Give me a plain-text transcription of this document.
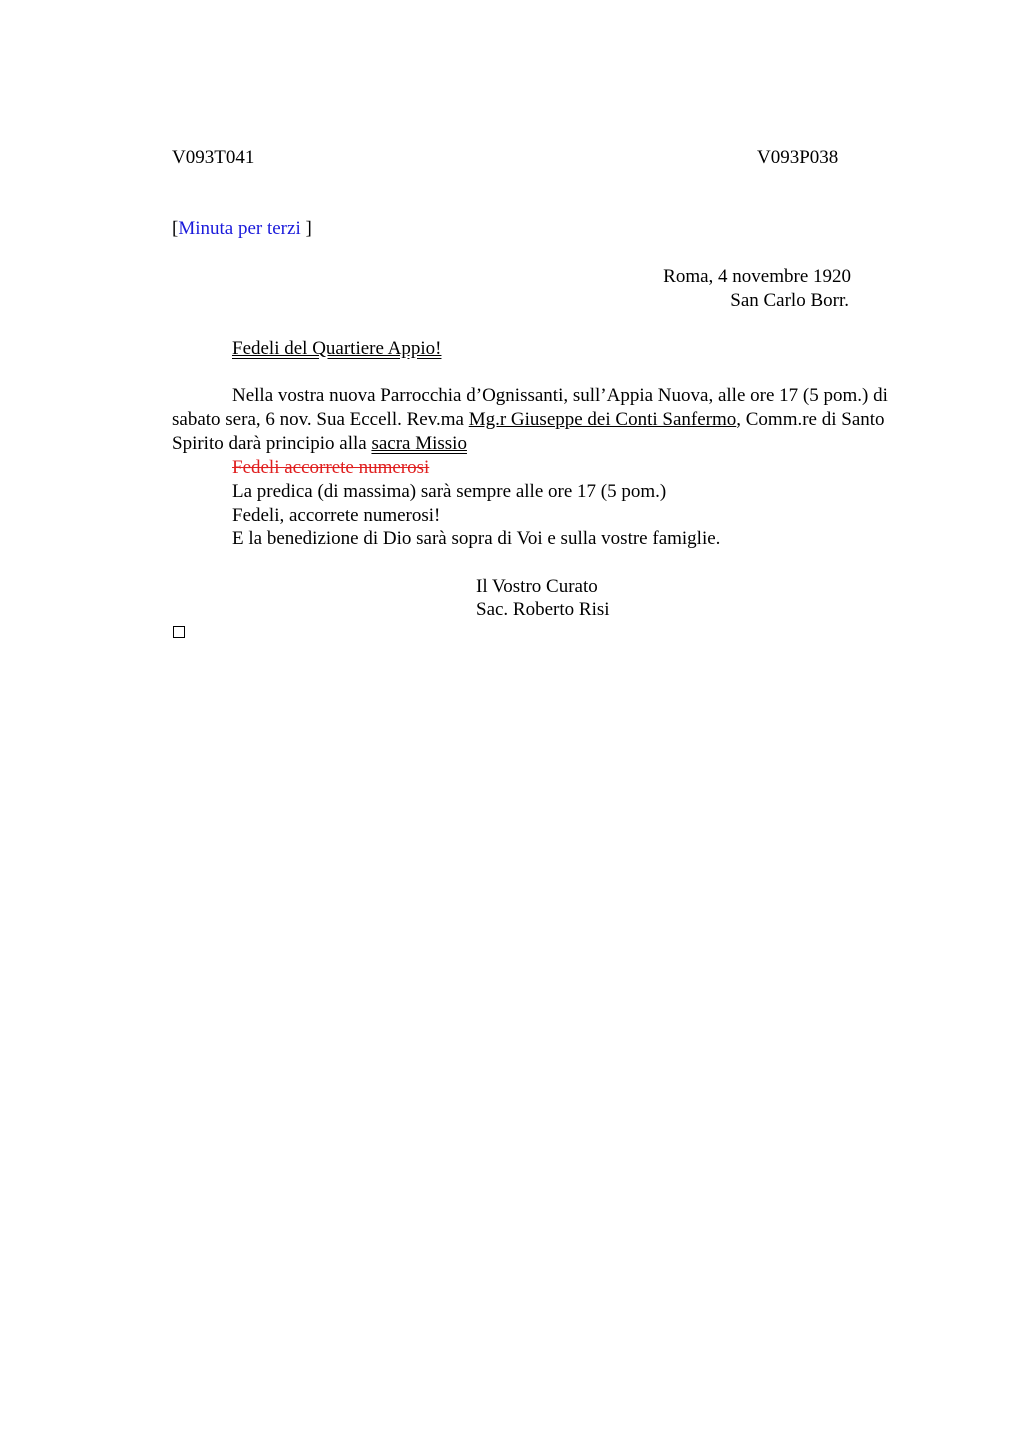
V093T041	V093P038
[Minuta per terzi ]
Roma, 4 novembre 1920
San Carlo Borr.
Fedeli del Quartiere Appio!

Nella vostra nuova Parrocchia d’Ognissanti, sull’Appia Nuova, alle ore 17 (5 pom.) di sabato sera, 6 nov. Sua Eccell. Rev.ma Mg.r Giuseppe dei Conti Sanfermo, Comm.re di Santo Spirito darà principio alla sacra Missio

Fedeli accorrete numerosi
La predica (di massima) sarà sempre alle ore 17 (5 pom.)
Fedeli, accorrete numerosi!
E la benedizione di Dio sarà sopra di Voi e sulla vostre famiglie.
Il Vostro Curato
Sac. Roberto Risi
